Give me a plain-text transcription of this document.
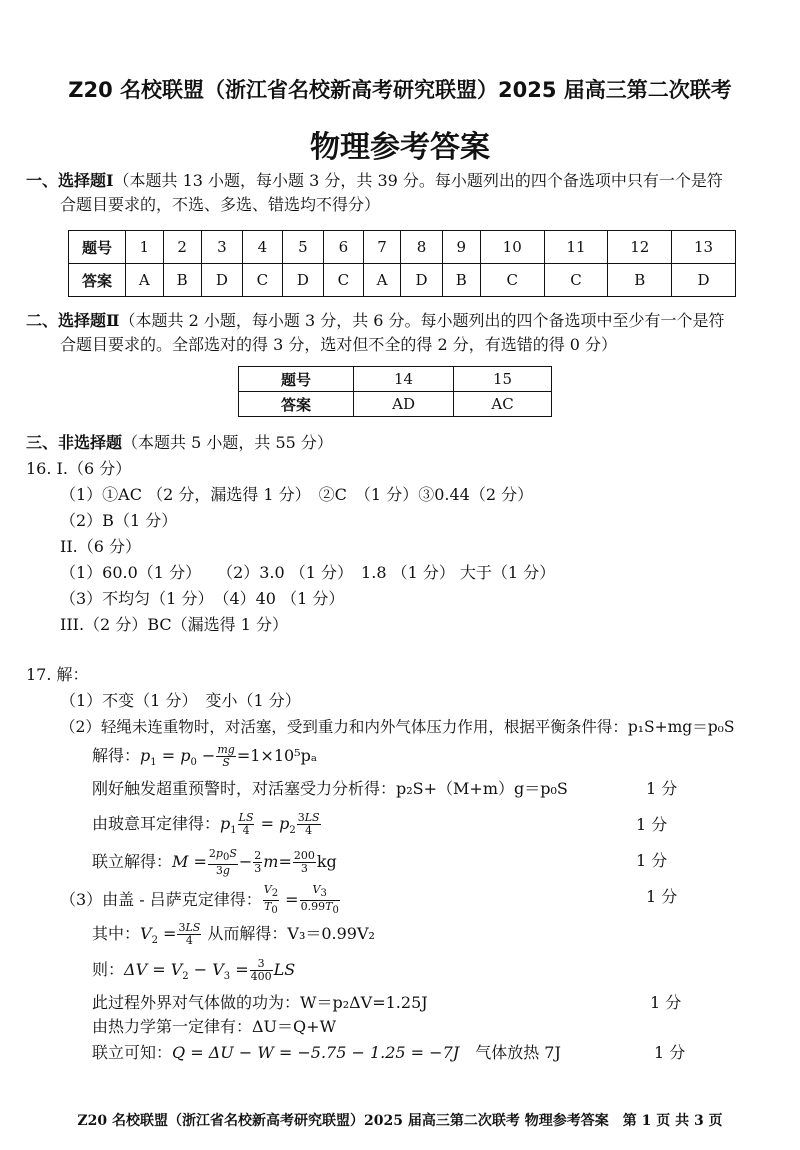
Z20 名校联盟（浙江省名校新高考研究联盟）2025 届高三第二次联考
物理参考答案
一、选择题Ⅰ（本题共 13 小题，每小题 3 分，共 39 分。每小题列出的四个备选项中只有一个是符
合题目要求的，不选、多选、错选均不得分）
题号	1	2	3	4	5	6	7	8	9	10	11	12	13
答案	A	B	D	C	D	C	A	D	B	C	C	B	D
二、选择题Ⅱ（本题共 2 小题，每小题 3 分，共 6 分。每小题列出的四个备选项中至少有一个是符
合题目要求的。全部选对的得 3 分，选对但不全的得 2 分，有选错的得 0 分）
题号	14	15
答案	AD	AC
三、非选择题（本题共 5 小题，共 55 分）
16. I.（6 分）
（1）①AC （2 分，漏选得 1 分）　②C　（1 分）③0.44（2 分）
（2）B（1 分）
II.（6 分）
（1）60.0（1 分）　　（2）3.0 （1 分）　1.8 （1 分） 大于（1 分）
（3）不均匀（1 分）　（4）40 （1 分）
III.（2 分）BC（漏选得 1 分）
17. 解：
（1）不变（1 分）　变小（1 分）
（2）轻绳未连重物时，对活塞，受到重力和内外气体压力作用，根据平衡条件得：p₁S+mg＝p₀S
解得：$p_1 = p_0 - \frac{mg}{S} =1\times 10^5p_a$
刚好触发超重预警时，对活塞受力分析得：p₂S+（M+m）g＝p₀S	1 分
由玻意耳定律得：$p_1 \frac{LS}{4} = p_2 \frac{3LS}{4}$	1 分
联立解得：$M = \frac{2p_0S}{3g} - \frac{2}{3} m= \frac{200}{3}$ kg	1 分
（3）由盖 - 吕萨克定律得： $\frac{V_2}{T_0} = \frac{V_3}{0.99T_0}$	1 分
其中：$V_2 = \frac{3LS}{4}$ 从而解得：V₃＝0.99V₂
则：$\Delta V = V_2 - V_3 = \frac{3}{400}$ LS
此过程外界对气体做的功为：W＝p₂ΔV=1.25J	1 分
由热力学第一定律有：ΔU＝Q+W
联立可知：Q = ΔU − W = −5.75 − 1.25 = −7J　 气体放热 7J	1 分
Z20 名校联盟（浙江省名校新高考研究联盟）2025 届高三第二次联考 物理参考答案　第 1 页 共 3 页
